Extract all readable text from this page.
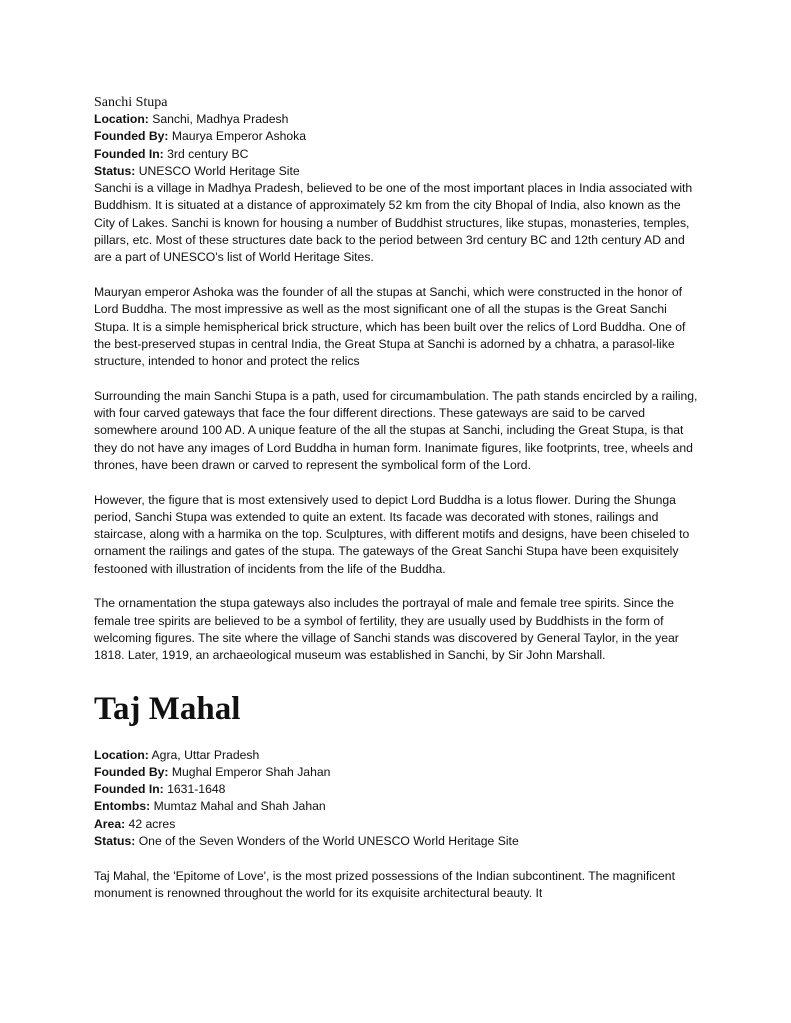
Sanchi Stupa

Location: Sanchi, Madhya Pradesh

Founded By: Maurya Emperor Ashoka

Founded In: 3rd century BC

Status: UNESCO World Heritage Site

Sanchi is a village in Madhya Pradesh, believed to be one of the most important places in India associated with Buddhism. It is situated at a distance of approximately 52 km from the city Bhopal of India, also known as the City of Lakes. Sanchi is known for housing a number of Buddhist structures, like stupas, monasteries, temples, pillars, etc. Most of these structures date back to the period between 3rd century BC and 12th century AD and are a part of UNESCO's list of World Heritage Sites.

Mauryan emperor Ashoka was the founder of all the stupas at Sanchi, which were constructed in the honor of Lord Buddha. The most impressive as well as the most significant one of all the stupas is the Great Sanchi Stupa. It is a simple hemispherical brick structure, which has been built over the relics of Lord Buddha. One of the best-preserved stupas in central India, the Great Stupa at Sanchi is adorned by a chhatra, a parasol-like structure, intended to honor and protect the relics

Surrounding the main Sanchi Stupa is a path, used for circumambulation. The path stands encircled by a railing, with four carved gateways that face the four different directions. These gateways are said to be carved somewhere around 100 AD. A unique feature of the all the stupas at Sanchi, including the Great Stupa, is that they do not have any images of Lord Buddha in human form. Inanimate figures, like footprints, tree, wheels and thrones, have been drawn or carved to represent the symbolical form of the Lord.

However, the figure that is most extensively used to depict Lord Buddha is a lotus flower. During the Shunga period, Sanchi Stupa was extended to quite an extent. Its facade was decorated with stones, railings and staircase, along with a harmika on the top. Sculptures, with different motifs and designs, have been chiseled to ornament the railings and gates of the stupa. The gateways of the Great Sanchi Stupa have been exquisitely festooned with illustration of incidents from the life of the Buddha.

The ornamentation the stupa gateways also includes the portrayal of male and female tree spirits. Since the female tree spirits are believed to be a symbol of fertility, they are usually used by Buddhists in the form of welcoming figures. The site where the village of Sanchi stands was discovered by General Taylor, in the year 1818. Later, 1919, an archaeological museum was established in Sanchi, by Sir John Marshall.

Taj Mahal

Location: Agra, Uttar Pradesh

Founded By: Mughal Emperor Shah Jahan

Founded In: 1631-1648

Entombs: Mumtaz Mahal and Shah Jahan

Area: 42 acres

Status: One of the Seven Wonders of the World UNESCO World Heritage Site

Taj Mahal, the 'Epitome of Love', is the most prized possessions of the Indian subcontinent. The magnificent monument is renowned throughout the world for its exquisite architectural beauty. It
